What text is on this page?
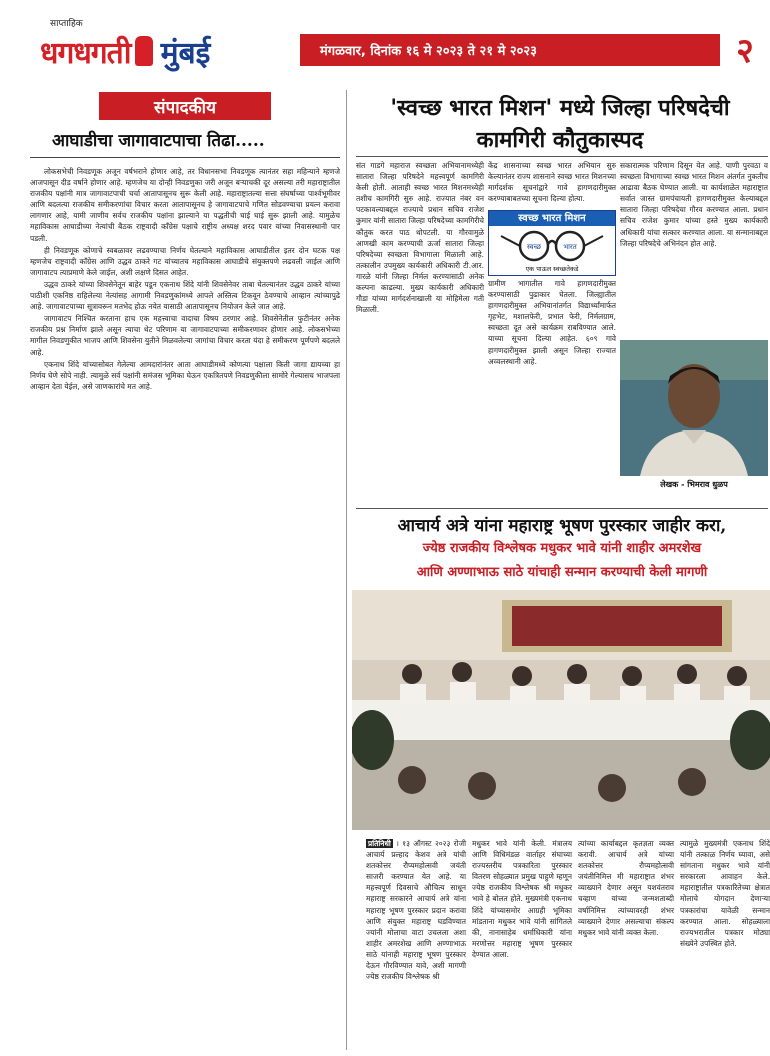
साप्ताहिक
धगधगती मुंबई	मंगळवार, दिनांक १६ मे २०२३ ते २१ मे २०२३	२
संपादकीय
आघाडीचा जागावाटपाचा तिढा.....

लोकसभेची निवडणूक अजून वर्षभराने होणार आहे, तर विधानसभा निवडणूक त्यानंतर सहा महिन्याने म्हणजे आजपासून दीड वर्षाने होणार आहे. म्हणजेच या दोन्ही निवडणुका जरी अजून बऱ्याचकी दूर असल्या तरी महाराष्ट्रातील राजकीय पक्षांनी मात्र जागावाटपाची चर्चा आतापासूनच सुरू केली आहे. महाराष्ट्रातल्या सत्ता संघर्षाच्या पार्श्वभूमीवर आणि बदलत्या राजकीय समीकरणांचा विचार करता आतापासूनच हे जागावाटपाचे गणित सोडवण्याचा प्रयत्न करावा लागणार आहे, यामी जाणीव सर्वच राजकीय पक्षांना झाल्याने या पद्धतीची घाई घाई सुरू झाली आहे. यामुळेच महाविकास आघाडीच्या नेत्यांची बैठक राष्ट्रवादी काँग्रेस पक्षाचे राष्ट्रीय अध्यक्ष शरद पवार यांच्या निवासस्थानी पार पडली.

ही निवडणूक कोणाचे स्वबळावर लढवण्याचा निर्णय घेतल्याने महाविकास आघाडीतील इतर दोन घटक पक्ष म्हणजेच राष्ट्रवादी काँग्रेस आणि उद्धव ठाकरे गट यांच्यातच महाविकास आघाडीचे संयुक्तपणे लढवली जाईल आणि जागावाटप त्याप्रमाणे केले जाईल, अशी लक्षणे दिसत आहेत.

उद्धव ठाकरे यांच्या शिवसेनेतून बाहेर पडून एकनाथ शिंदे यांनी शिवसेनेवर ताबा घेतल्यानंतर उद्धव ठाकरे यांच्या पाठीशी एकनिष्ठ राहिलेल्या नेत्यांसह आगामी निवडणुकांमध्ये आपले अस्तित्व टिकवून ठेवण्याचे आव्हान त्यांच्यापुढे आहे. जागावाटपाच्या सूत्रावरून मतभेद होऊ नयेत यासाठी आतापासूनच नियोजन केले जात आहे.

जागावाटप निश्चित करताना हाच एक महत्त्वाचा वादाचा विषय ठरणार आहे. शिवसेनेतील फुटीनंतर अनेक राजकीय प्रश्न निर्माण झाले असून त्याचा थेट परिणाम या जागावाटपाच्या समीकरणावर होणार आहे. लोकसभेच्या मागील निवडणुकीत भाजप आणि शिवसेना युतीने मिळवलेल्या जागांचा विचार करता यंदा हे समीकरण पूर्णपणे बदलले आहे.

एकनाथ शिंदे यांच्यासोबत गेलेल्या आमदारांनंतर आता आघाडीमध्ये कोणत्या पक्षाला किती जागा द्यायच्या हा निर्णय घेणे सोपे नाही. त्यामुळे सर्व पक्षांनी समंजस भूमिका घेऊन एकत्रितपणे निवडणुकीला सामोरे गेल्यासच भाजपला आव्हान देता येईल, असे जाणकारांचे मत आहे.

'स्वच्छ भारत मिशन' मध्ये जिल्हा परिषदेची
कामगिरी कौतुकास्पद
संत गाडगे महाराज स्वच्छता अभियानामध्येही सातारा जिल्हा परिषदेने महत्त्वपूर्ण कामगिरी केली होती. आताही स्वच्छ भारत मिशनमध्येही तशीच कामगिरी सुरु आहे. राज्यात नंबर वन पटकावल्याबद्दल राज्याचे प्रधान सचिव राजेश कुमार यांनी सातारा जिल्हा परिषदेच्या कामगिरीचे कौतुक करत पाठ थोपटली. या गौरवामुळे आणखी काम करण्याची ऊर्जा सातारा जिल्हा परिषदेच्या स्वच्छता विभागाला मिळाली आहे. तत्कालीन उपमुख्य कार्यकारी अधिकारी टी.आर. गारळे यांनी जिल्हा निर्मल करण्यासाठी अनेक कल्पना काढल्या. मुख्य कार्यकारी अधिकारी गौडा यांच्या मार्गदर्शनाखाली या मोहिमेला गती मिळाली.
केंद्र शासनाच्या स्वच्छ भारत अभियान सुरु केल्यानंतर राज्य शासनाने स्वच्छ भारत मिशनच्या मार्गदर्शक सूचनांद्वारे गावे हागणदारीमुक्त करण्याबाबतच्या सूचना दिल्या होत्या.
ग्रामीण भागातील गावे हागणदारीमुक्त करण्यासाठी पुढाकार घेतला. जिल्ह्यातील हागणदारीमुक्त अभियानांतर्गत विद्यार्थ्यांमार्फत गृहभेट, मशालफेरी, प्रभात फेरी, निर्मलग्राम, स्वच्छता दूत असे कार्यक्रम राबविण्यात आले. याच्या सूचना दिल्या आहेत. ६०९ गावे हागणदारीमुक्त झाली असून जिल्हा राज्यात अव्वलस्थानी आहे.
स्वच्छ भारत मिशन
स्वच्छ	भारत
एक पाऊल स्वच्छतेकडे
सकारात्मक परिणाम दिसून येत आहे. पाणी पुरवठा व स्वच्छता विभागाच्या स्वच्छ भारत मिशन अंतर्गत नुकतीच आढावा बैठक घेण्यात आली. या कार्यशाळेत महाराष्ट्रात सर्वात जास्त ग्रामपंचायती हागणदारीमुक्त केल्याबद्दल सातारा जिल्हा परिषदेचा गौरव करण्यात आला. प्रधान सचिव राजेश कुमार यांच्या हस्ते मुख्य कार्यकारी अधिकारी यांचा सत्कार करण्यात आला. या सन्मानाबद्दल जिल्हा परिषदेचे अभिनंदन होत आहे.
लेखक - भिमराव धुळप
आचार्य अत्रे यांना महाराष्ट्र भूषण पुरस्कार जाहीर करा,
ज्येष्ठ राजकीय विश्लेषक मधुकर भावे यांनी शाहीर अमरशेख
आणि अण्णाभाऊ साठे यांचाही सन्मान करण्याची केली मागणी
प्रतिनिधी । १३ ऑगस्ट २०२३ रोजी आचार्य प्रल्हाद केशव अत्रे यांची शतकोत्तर रौप्यमहोत्सवी जयंती साजरी करण्यात येत आहे. या महत्त्वपूर्ण दिवसाचे औचित्य साधून महाराष्ट्र सरकारने आचार्य अत्रे यांना महाराष्ट्र भूषण पुरस्कार प्रदान करावा आणि संयुक्त महाराष्ट्र घडविण्यात ज्यांनी मोलाचा वाटा उचलला अशा शाहीर अमरशेख आणि अण्णाभाऊ साठे यांनाही महाराष्ट्र भूषण पुरस्कार देऊन गौरविण्यात यावे, अशी मागणी ज्येष्ठ राजकीय विश्लेषक श्री
मधुकर भावे यांनी केली. मंत्रालय आणि विधिमंडळ वार्ताहर संघाच्या राज्यस्तरीय पत्रकारिता पुरस्कार वितरण सोहळ्यात प्रमुख पाहुणे म्हणून ज्येष्ठ राजकीय विश्लेषक श्री मधुकर भावे हे बोलत होते. मुख्यमंत्री एकनाथ शिंदे यांच्यासमोर आग्रही भूमिका मांडताना मधुकर भावे यांनी सांगितले की, नानासाहेब धर्माधिकारी यांना मरणोत्तर महाराष्ट्र भूषण पुरस्कार देण्यात आला.
त्यांच्या कार्याबद्दल कृतज्ञता व्यक्त करावी. आचार्य अत्रे यांच्या शतकोत्तर रौप्यमहोत्सवी जयंतीनिमित्त मी महाराष्ट्रात शंभर व्याख्याने देणार असून यशवंतराव चव्हाण यांच्या जन्मशताब्दी वर्षानिमित्त त्यांच्यावरही शंभर व्याख्याने देणार असल्याचा संकल्प मधुकर भावे यांनी व्यक्त केला.
त्यामुळे मुख्यमंत्री एकनाथ शिंदे यांनी तत्काळ निर्णय घ्यावा, असे सांगताना मधुकर भावे यांनी सरकारला आवाहन केले. महाराष्ट्रातील पत्रकारितेच्या क्षेत्रात मोलाचे योगदान देणाऱ्या पत्रकारांचा यावेळी सन्मान करण्यात आला. सोहळ्याला राज्यभरातील पत्रकार मोठ्या संख्येने उपस्थित होते.
